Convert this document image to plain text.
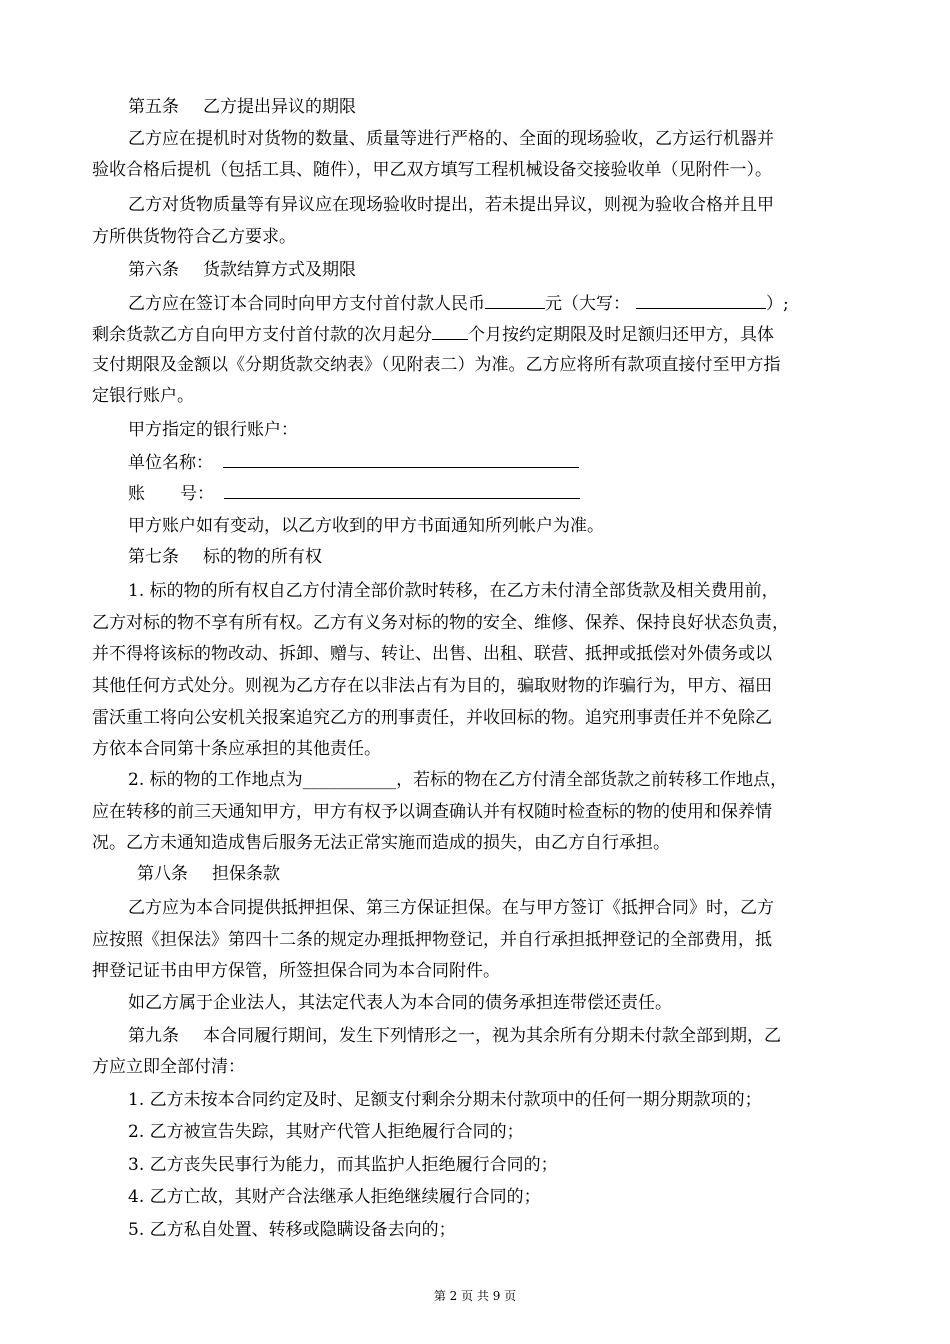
第五条 乙方提出异议的期限
乙方应在提机时对货物的数量、质量等进行严格的、全面的现场验收，乙方运行机器并
验收合格后提机（包括工具、随件），甲乙双方填写工程机械设备交接验收单（见附件一）。
乙方对货物质量等有异议应在现场验收时提出，若未提出异议，则视为验收合格并且甲
方所供货物符合乙方要求。
第六条 货款结算方式及期限
乙方应在签订本合同时向甲方支付首付款人民币	元（大写：	）;
剩余货款乙方自向甲方支付首付款的次月起分 个月按约定期限及时足额归还甲方，具体
支付期限及金额以《分期货款交纳表》（见附表二）为准。乙方应将所有款项直接付至甲方指
定银行账户。
甲方指定的银行账户：
单位名称：
账 号：
甲方账户如有变动，以乙方收到的甲方书面通知所列帐户为准。
第七条 标的物的所有权
1. 标的物的所有权自乙方付清全部价款时转移，在乙方未付清全部货款及相关费用前，
乙方对标的物不享有所有权。乙方有义务对标的物的安全、维修、保养、保持良好状态负责，
并不得将该标的物改动、拆卸、赠与、转让、出售、出租、联营、抵押或抵偿对外债务或以
其他任何方式处分。则视为乙方存在以非法占有为目的，骗取财物的诈骗行为，甲方、福田
雷沃重工将向公安机关报案追究乙方的刑事责任，并收回标的物。追究刑事责任并不免除乙
方依本合同第十条应承担的其他责任。
2. 标的物的工作地点为___________，若标的物在乙方付清全部货款之前转移工作地点，
应在转移的前三天通知甲方，甲方有权予以调查确认并有权随时检查标的物的使用和保养情
况。乙方未通知造成售后服务无法正常实施而造成的损失，由乙方自行承担。
第八条 担保条款
乙方应为本合同提供抵押担保、第三方保证担保。在与甲方签订《抵押合同》时，乙方
应按照《担保法》第四十二条的规定办理抵押物登记，并自行承担抵押登记的全部费用，抵
押登记证书由甲方保管，所签担保合同为本合同附件。
如乙方属于企业法人，其法定代表人为本合同的债务承担连带偿还责任。
第九条 本合同履行期间，发生下列情形之一，视为其余所有分期未付款全部到期，乙
方应立即全部付清：
1. 乙方未按本合同约定及时、足额支付剩余分期未付款项中的任何一期分期款项的；
2. 乙方被宣告失踪，其财产代管人拒绝履行合同的；
3. 乙方丧失民事行为能力，而其监护人拒绝履行合同的；
4. 乙方亡故，其财产合法继承人拒绝继续履行合同的；
5. 乙方私自处置、转移或隐瞒设备去向的；
第 2 页 共 9 页
